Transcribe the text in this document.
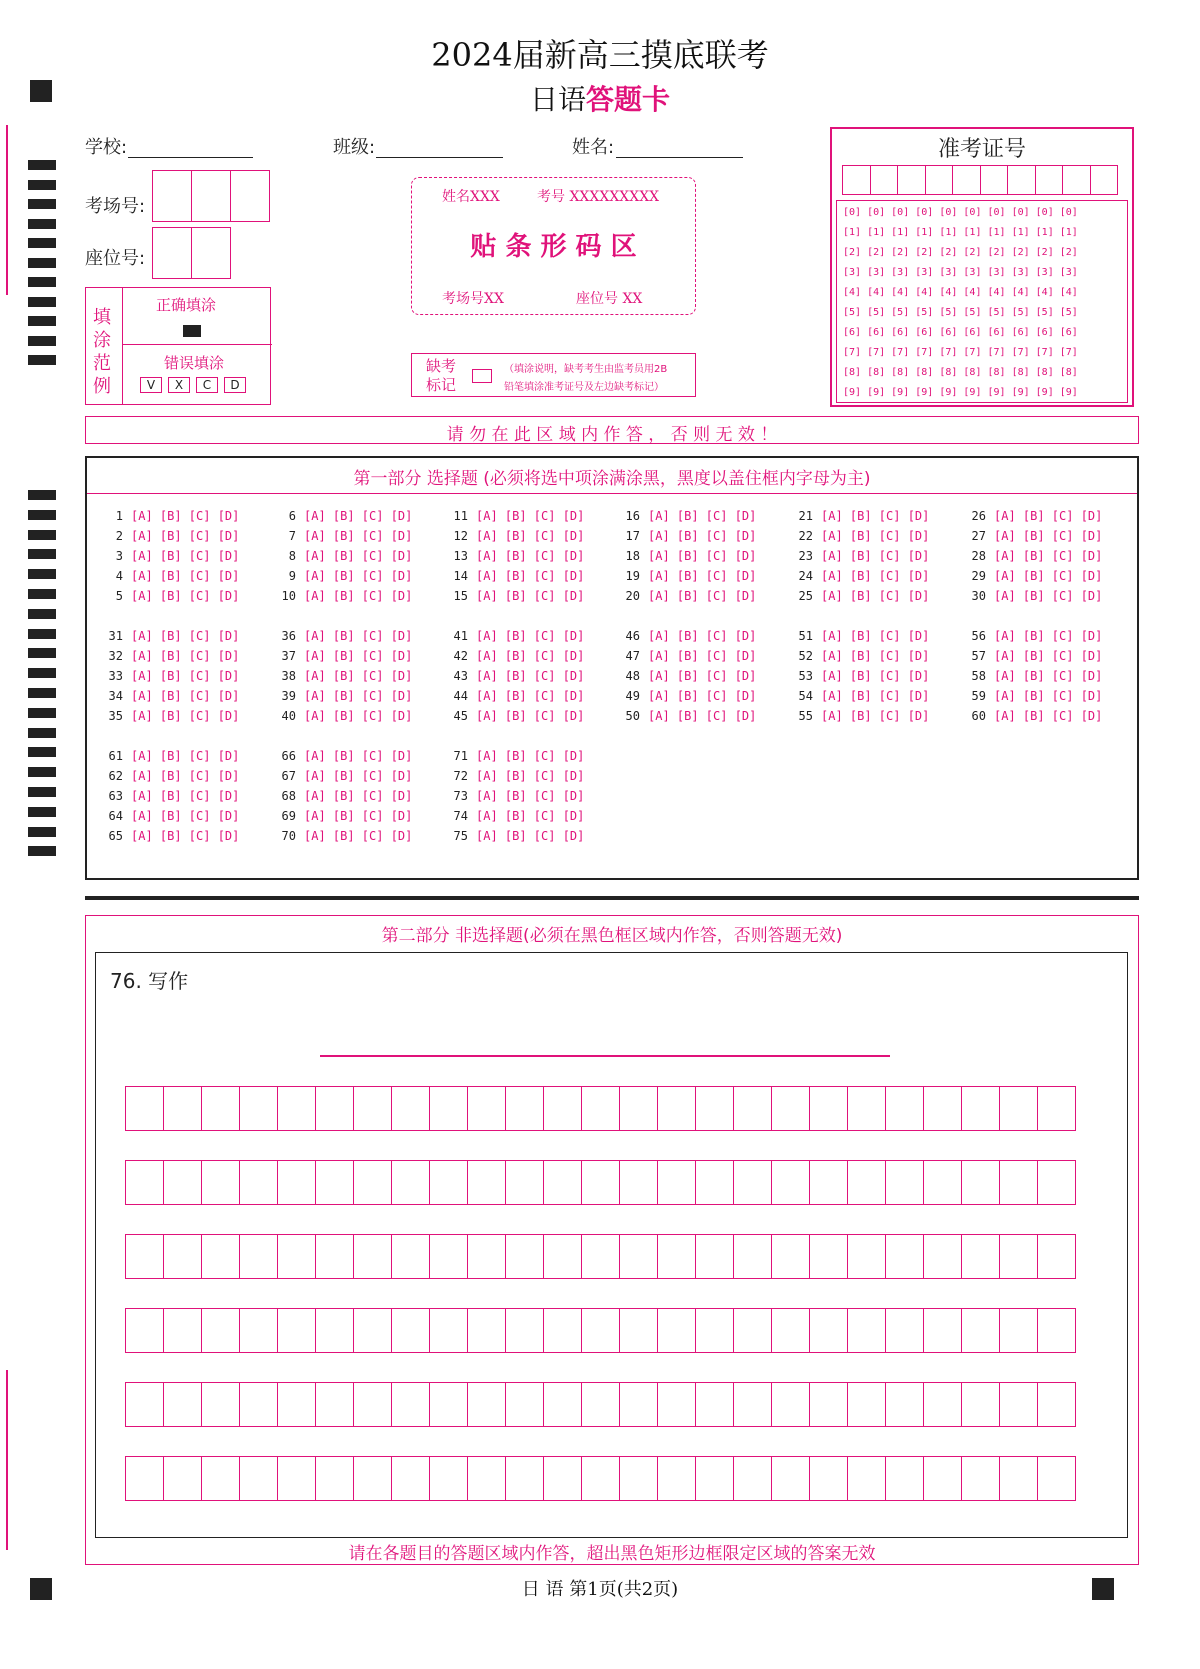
2024届新高三摸底联考
日语答题卡
学校:	班级:	姓名:
考场号:
座位号:
填涂范例
正确填涂
错误填涂
V	X	C	D
姓名XXX	考号 XXXXXXXXX
贴 条 形 码 区
考场号XX	座位号 XX
缺考标记
（填涂说明，缺考考生由监考员用2B
铅笔填涂准考证号及左边缺考标记）
准考证号
[0] [0] [0] [0] [0] [0] [0] [0] [0] [0]
[1] [1] [1] [1] [1] [1] [1] [1] [1] [1]
[2] [2] [2] [2] [2] [2] [2] [2] [2] [2]
[3] [3] [3] [3] [3] [3] [3] [3] [3] [3]
[4] [4] [4] [4] [4] [4] [4] [4] [4] [4]
[5] [5] [5] [5] [5] [5] [5] [5] [5] [5]
[6] [6] [6] [6] [6] [6] [6] [6] [6] [6]
[7] [7] [7] [7] [7] [7] [7] [7] [7] [7]
[8] [8] [8] [8] [8] [8] [8] [8] [8] [8]
[9] [9] [9] [9] [9] [9] [9] [9] [9] [9]
请 勿 在 此 区 域 内 作 答 ， 否 则 无 效 ！
第一部分 选择题 (必须将选中项涂满涂黑，黑度以盖住框内字母为主)
1 [A] [B] [C] [D]
2 [A] [B] [C] [D]
3 [A] [B] [C] [D]
4 [A] [B] [C] [D]
5 [A] [B] [C] [D]
6 [A] [B] [C] [D]
7 [A] [B] [C] [D]
8 [A] [B] [C] [D]
9 [A] [B] [C] [D]
10 [A] [B] [C] [D]
11 [A] [B] [C] [D]
12 [A] [B] [C] [D]
13 [A] [B] [C] [D]
14 [A] [B] [C] [D]
15 [A] [B] [C] [D]
16 [A] [B] [C] [D]
17 [A] [B] [C] [D]
18 [A] [B] [C] [D]
19 [A] [B] [C] [D]
20 [A] [B] [C] [D]
21 [A] [B] [C] [D]
22 [A] [B] [C] [D]
23 [A] [B] [C] [D]
24 [A] [B] [C] [D]
25 [A] [B] [C] [D]
26 [A] [B] [C] [D]
27 [A] [B] [C] [D]
28 [A] [B] [C] [D]
29 [A] [B] [C] [D]
30 [A] [B] [C] [D]
31 [A] [B] [C] [D]
32 [A] [B] [C] [D]
33 [A] [B] [C] [D]
34 [A] [B] [C] [D]
35 [A] [B] [C] [D]
36 [A] [B] [C] [D]
37 [A] [B] [C] [D]
38 [A] [B] [C] [D]
39 [A] [B] [C] [D]
40 [A] [B] [C] [D]
41 [A] [B] [C] [D]
42 [A] [B] [C] [D]
43 [A] [B] [C] [D]
44 [A] [B] [C] [D]
45 [A] [B] [C] [D]
46 [A] [B] [C] [D]
47 [A] [B] [C] [D]
48 [A] [B] [C] [D]
49 [A] [B] [C] [D]
50 [A] [B] [C] [D]
51 [A] [B] [C] [D]
52 [A] [B] [C] [D]
53 [A] [B] [C] [D]
54 [A] [B] [C] [D]
55 [A] [B] [C] [D]
56 [A] [B] [C] [D]
57 [A] [B] [C] [D]
58 [A] [B] [C] [D]
59 [A] [B] [C] [D]
60 [A] [B] [C] [D]
61 [A] [B] [C] [D]
62 [A] [B] [C] [D]
63 [A] [B] [C] [D]
64 [A] [B] [C] [D]
65 [A] [B] [C] [D]
66 [A] [B] [C] [D]
67 [A] [B] [C] [D]
68 [A] [B] [C] [D]
69 [A] [B] [C] [D]
70 [A] [B] [C] [D]
71 [A] [B] [C] [D]
72 [A] [B] [C] [D]
73 [A] [B] [C] [D]
74 [A] [B] [C] [D]
75 [A] [B] [C] [D]
第二部分 非选择题(必须在黑色框区域内作答，否则答题无效)
76. 写作
请在各题目的答题区域内作答，超出黑色矩形边框限定区域的答案无效
日 语 第1页(共2页)
